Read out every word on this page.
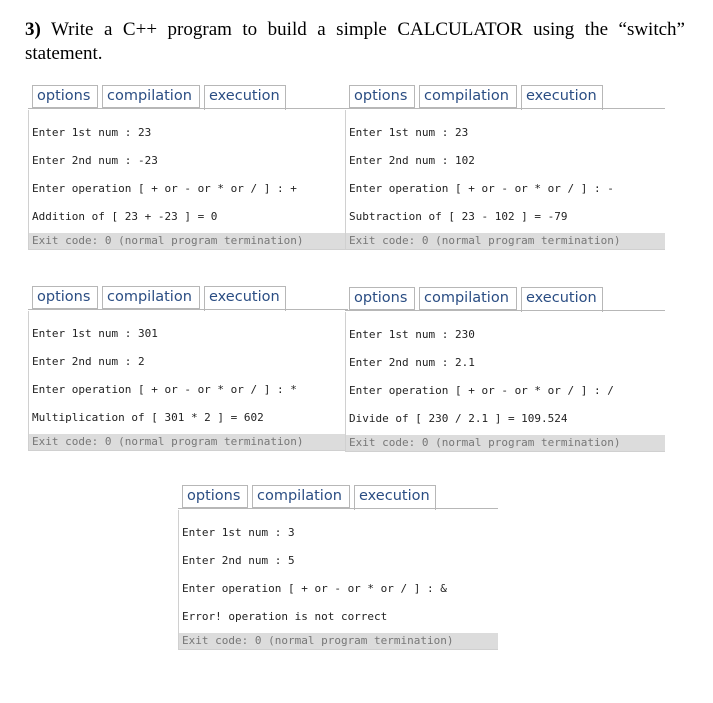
3) Write a C++ program to build a simple CALCULATOR using the “switch” statement.
options	compilation	execution
Enter 1st num : 23
Enter 2nd num : -23
Enter operation [ + or - or * or / ] : +
Addition of [ 23 + -23 ] = 0
Exit code: 0 (normal program termination)
options	compilation	execution
Enter 1st num : 23
Enter 2nd num : 102
Enter operation [ + or - or * or / ] : -
Subtraction of [ 23 - 102 ] = -79
Exit code: 0 (normal program termination)
options	compilation	execution
Enter 1st num : 301
Enter 2nd num : 2
Enter operation [ + or - or * or / ] : *
Multiplication of [ 301 * 2 ] = 602
Exit code: 0 (normal program termination)
options	compilation	execution
Enter 1st num : 230
Enter 2nd num : 2.1
Enter operation [ + or - or * or / ] : /
Divide of [ 230 / 2.1 ] = 109.524
Exit code: 0 (normal program termination)
options	compilation	execution
Enter 1st num : 3
Enter 2nd num : 5
Enter operation [ + or - or * or / ] : &
Error! operation is not correct
Exit code: 0 (normal program termination)
